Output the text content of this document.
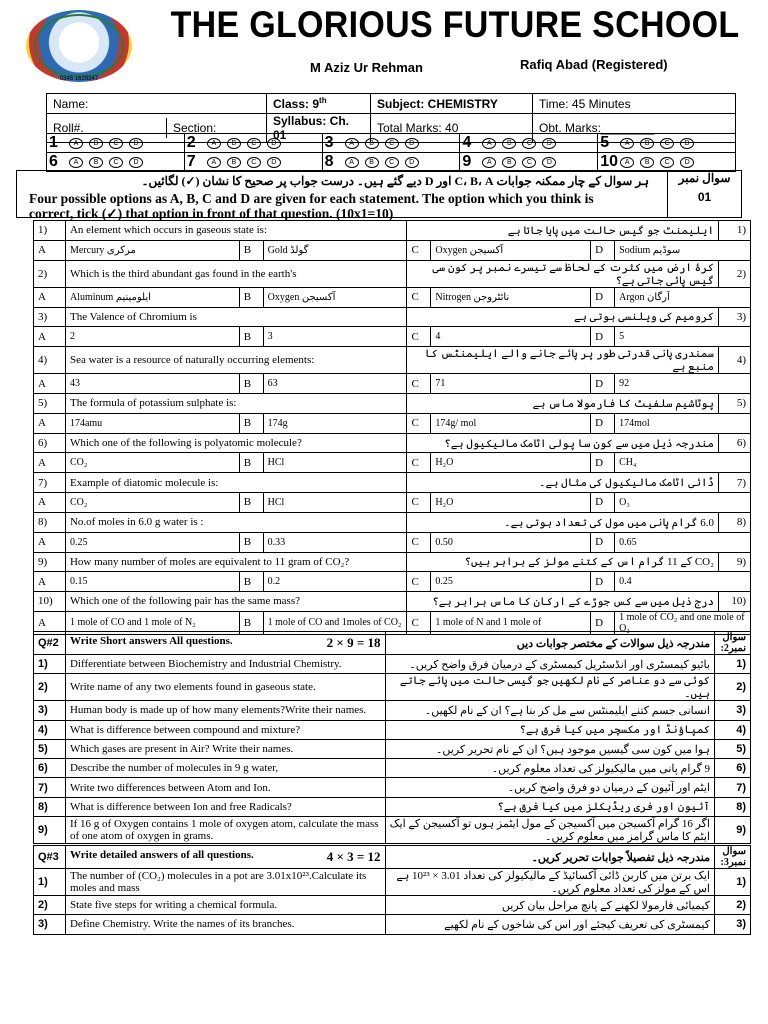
0345 1629347
THE GLORIOUS FUTURE SCHOOL
M Aziz Ur Rehman	Rafiq Abad (Registered)
Name:	Class: 9th	Subject: CHEMISTRY	Time: 45 Minutes

Roll#. Section:	Syllabus: Ch. 01	Total Marks: 40	Obt. Marks:________
1 A B C D	2 A B C D	3 A B C D	4 A B C D	5 A B C D
6 A B C D	7 A B C D	8 A B C D	9 A B C D	10 A B C D
ہر سوال کے چار ممکنہ جوابات C، B، A اور D دیے گئے ہیں۔ درست جواب پر صحیح کا نشان (✓) لگائیں۔
Four possible options as A, B, C and D are given for each statement. The option which you think is correct, tick (✓) that option in front of that question. (10x1=10)
سوال نمبر
01
1)	An element which occurs in gaseous state is:			ایلیمنٹ جو گیس حالت میں پایا جاتا ہے				(1
A	Mercury مرکری	B	Gold گولڈ	C	Oxygen آکسیجن	D	Sodium سوڈیم	
2)	Which is the third abundant gas found in the earth's			کرۂ ارض میں کثرت کے لحاظ سے تیسرے نمبر پر کون سی گیس پائی جاتی ہے؟				(2
A	Aluminum ایلومینیم	B	Oxygen آکسیجن	C	Nitrogen نائٹروجن	D	Argon آرگان	
3)	The Valence of Chromium is			کرومیم کی ویلنسی ہوتی ہے				(3
A	2	B	3	C	4	D	5	
4)	Sea water is a resource of naturally occurring elements:			سمندری پانی قدرتی طور پر پائے جانے والے ایلیمنٹس کا منبع ہے				(4
A	43	B	63	C	71	D	92	
5)	The formula of potassium sulphate is:			پوٹاشیم سلفیٹ کا فارمولا ماس ہے				(5
A	174amu	B	174g	C	174g/ mol	D	174mol	
6)	Which one of the following is polyatomic molecule?			مندرجہ ذیل میں سے کون سا پولی اٹامک مالیکیول ہے؟				(6
A	CO₂	B	HCl	C	H₂O	D	CH₄	
7)	Example of diatomic molecule is:			ڈائی اٹامک مالیکیول کی مثال ہے۔				(7
A	CO₂	B	HCl	C	H₂O	D	O₃	
8)	No.of moles in 6.0 g water is :			6.0 گرام پانی میں مول کی تعداد ہوتی ہے۔				(8
A	0.25	B	0.33	C	0.50	D	0.65	
9)	How many number of moles are equivalent to 11 gram of CO₂?			CO₂ کے 11 گرام اس کے کتنے مولز کے برابر ہیں؟				(9
A	0.15	B	0.2	C	0.25	D	0.4	
10)	Which one of the following pair has the same mass?			درج ذیل میں سے کس جوڑے کے ارکان کا ماس برابر ہے؟				(10
A	1 mole of CO and 1 mole of N₂	B	1 mole of CO and 1moles of CO₂	C	1 mole of N and 1 mole of	D	1 mole of CO₂ and one mole of O₂	
Q#2	Write Short answers All questions. 2 × 9 = 18	مندرجہ ذیل سوالات کے مختصر جوابات دیں	سوال نمبر2:
1)	Differentiate between Biochemistry and Industrial Chemistry.	بائیو کیمسٹری اور انڈسٹریل کیمسٹری کے درمیان فرق واضح کریں۔	(1
2)	Write name of any two elements found in gaseous state.	کوئی سے دو عناصر کے نام لکھیں جو گیسی حالت میں پائے جاتے ہیں۔	(2
3)	Human body is made up of how many elements?Write their names.	انسانی جسم کتنے ایلیمنٹس سے مل کر بنا ہے؟ ان کے نام لکھیں۔	(3
4)	What is difference between compound and mixture?	کمپاؤنڈ اور مکسچر میں کیا فرق ہے؟	(4
5)	Which gases are present in Air? Write their names.	ہوا میں کون سی گیسیں موجود ہیں؟ ان کے نام تحریر کریں۔	(5
6)	Describe the number of molecules in 9 g water,	9 گرام پانی میں مالیکیولز کی تعداد معلوم کریں۔	(6
7)	Write two differences between Atom and Ion.	ایٹم اور آئیون کے درمیان دو فرق واضح کریں۔	(7
8)	What is difference between Ion and free Radicals?	آئیون اور فری ریڈیکلز میں کیا فرق ہے؟	(8
9)	If 16 g of Oxygen contains 1 mole of oxygen atom, calculate the mass of one atom of oxygen in grams.	اگر 16 گرام آکسیجن میں آکسیجن کے مول ایٹمز ہوں تو آکسیجن کے ایک ایٹم کا ماس گرامز میں معلوم کریں۔	(9
Q#3	Write detailed answers of all questions. 4 × 3 = 12	مندرجہ ذیل تفصیلاً جوابات تحریر کریں۔	سوال نمبر3:
1)	The number of (CO₂) molecules in a pot are 3.01x10²³.Calculate its moles and mass	ایک برتن میں کاربن ڈائی آکسائیڈ کے مالیکیولز کی تعداد 3.01 × 10²³ ہے اس کے مولز کی تعداد معلوم کریں۔	(1
2)	State five steps for writing a chemical formula.	کیمیائی فارمولا لکھنے کے پانچ مراحل بیان کریں	(2
3)	Define Chemistry. Write the names of its branches.	کیمسٹری کی تعریف کیجئے اور اس کی شاخوں کے نام لکھیے	(3
